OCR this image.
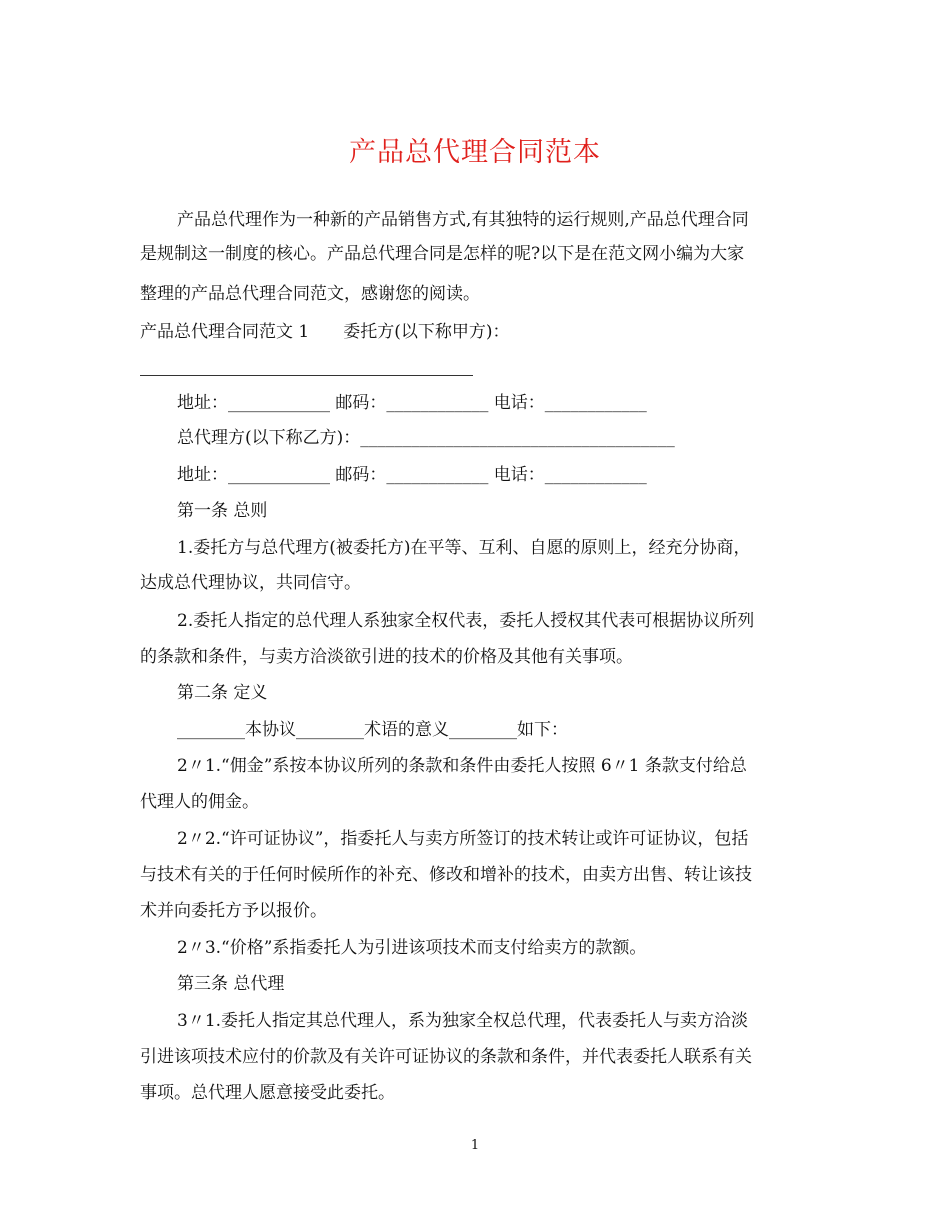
产品总代理合同范本
产品总代理作为一种新的产品销售方式,有其独特的运行规则,产品总代理合同
是规制这一制度的核心。产品总代理合同是怎样的呢?以下是在范文网小编为大家
整理的产品总代理合同范文，感谢您的阅读。
产品总代理合同范文 1　　委托方(以下称甲方)：
地址：____________ 邮码：____________ 电话：____________
总代理方(以下称乙方)：_____________________________________
地址：____________ 邮码：____________ 电话：____________
第一条 总则
1.委托方与总代理方(被委托方)在平等、互利、自愿的原则上，经充分协商，
达成总代理协议，共同信守。
2.委托人指定的总代理人系独家全权代表，委托人授权其代表可根据协议所列
的条款和条件，与卖方洽淡欲引进的技术的价格及其他有关事项。
第二条 定义
________本协议________术语的意义________如下：
2〃1.“佣金”系按本协议所列的条款和条件由委托人按照 6〃1 条款支付给总
代理人的佣金。
2〃2.“许可证协议”，指委托人与卖方所签订的技术转让或许可证协议，包括
与技术有关的于任何时候所作的补充、修改和增补的技术，由卖方出售、转让该技
术并向委托方予以报价。
2〃3.“价格”系指委托人为引进该项技术而支付给卖方的款额。
第三条 总代理
3〃1.委托人指定其总代理人，系为独家全权总代理，代表委托人与卖方洽淡
引进该项技术应付的价款及有关许可证协议的条款和条件，并代表委托人联系有关
事项。总代理人愿意接受此委托。
1
